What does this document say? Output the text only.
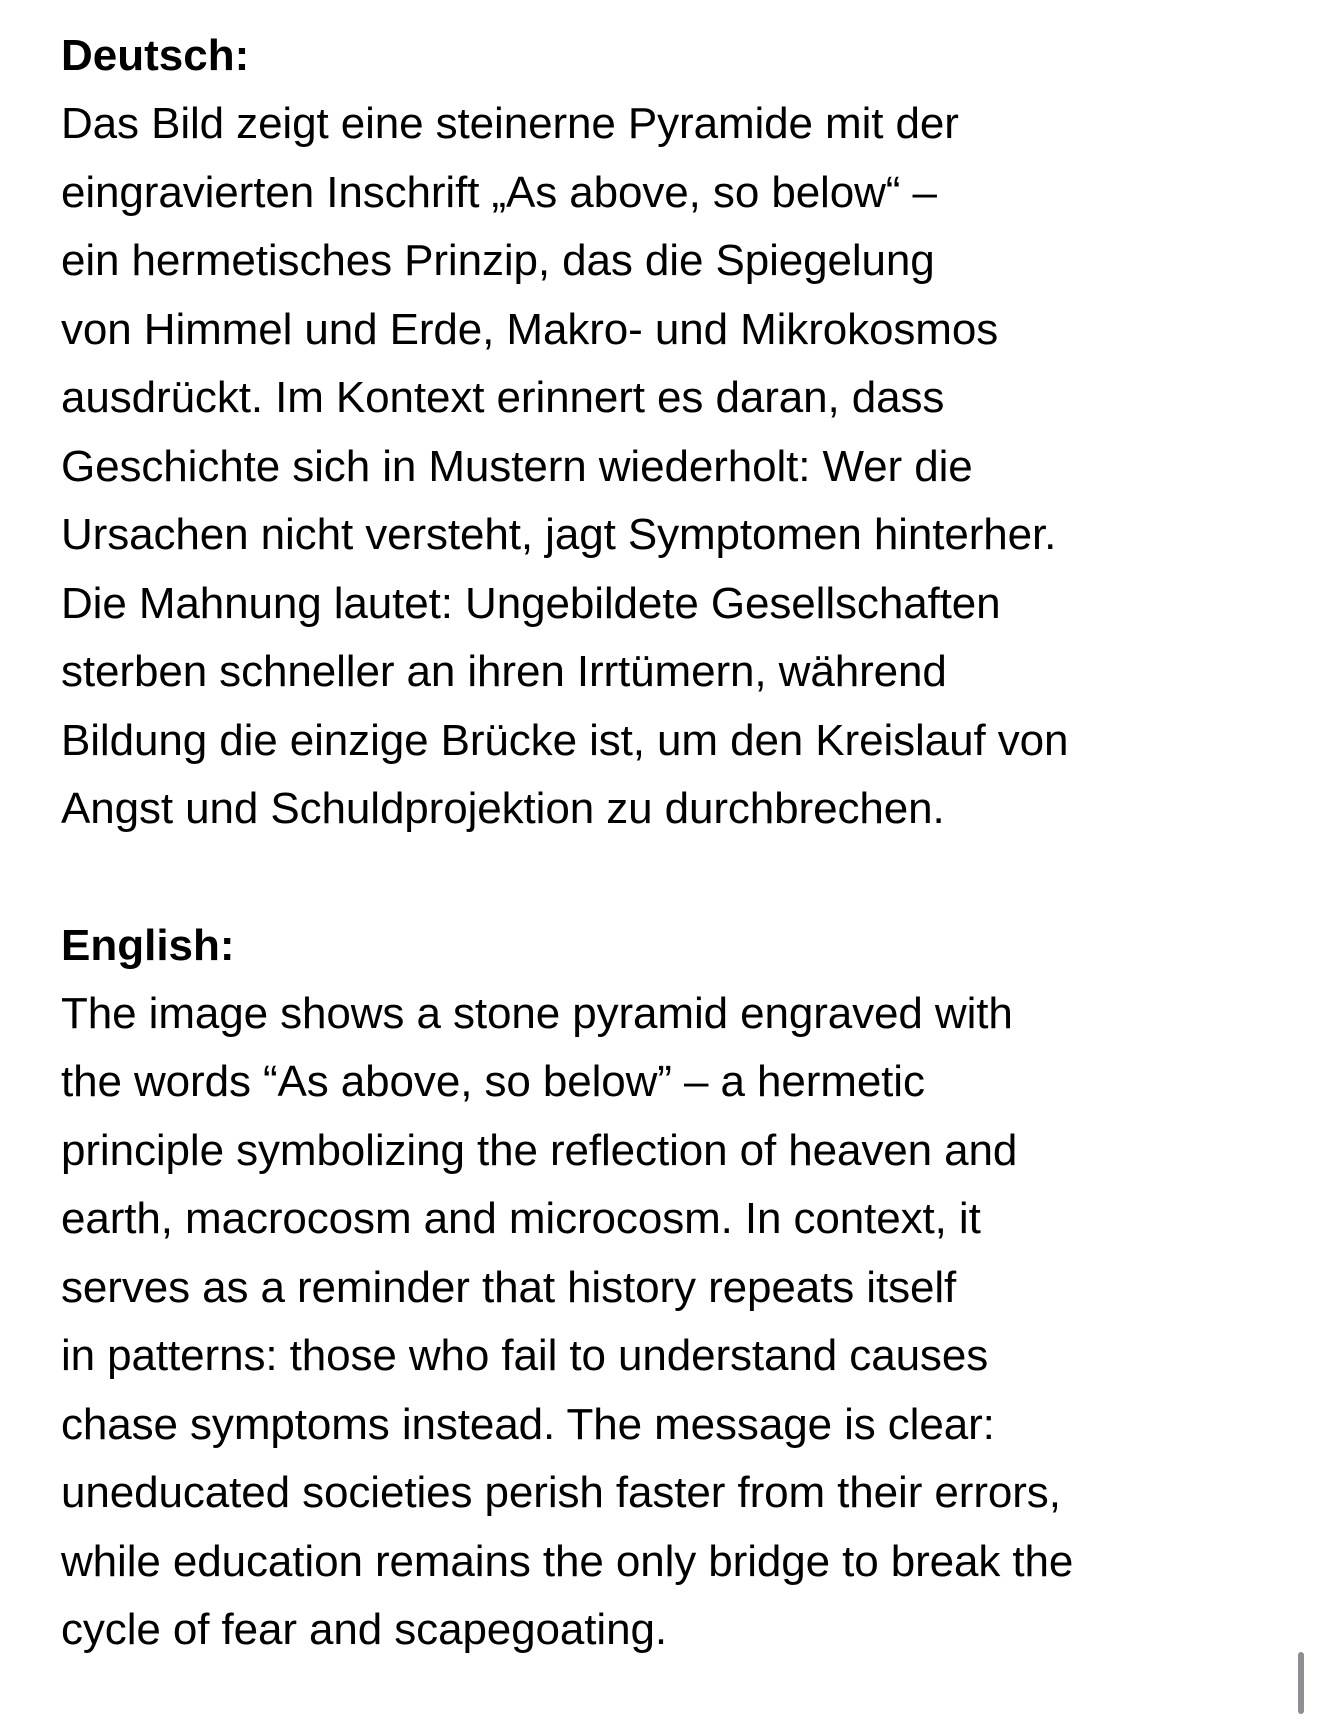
Deutsch:
Das Bild zeigt eine steinerne Pyramide mit der
eingravierten Inschrift „As above, so below“ –
ein hermetisches Prinzip, das die Spiegelung
von Himmel und Erde, Makro- und Mikrokosmos
ausdrückt. Im Kontext erinnert es daran, dass
Geschichte sich in Mustern wiederholt: Wer die
Ursachen nicht versteht, jagt Symptomen hinterher.
Die Mahnung lautet: Ungebildete Gesellschaften
sterben schneller an ihren Irrtümern, während
Bildung die einzige Brücke ist, um den Kreislauf von
Angst und Schuldprojektion zu durchbrechen.
English:
The image shows a stone pyramid engraved with
the words “As above, so below” – a hermetic
principle symbolizing the reflection of heaven and
earth, macrocosm and microcosm. In context, it
serves as a reminder that history repeats itself
in patterns: those who fail to understand causes
chase symptoms instead. The message is clear:
uneducated societies perish faster from their errors,
while education remains the only bridge to break the
cycle of fear and scapegoating.
